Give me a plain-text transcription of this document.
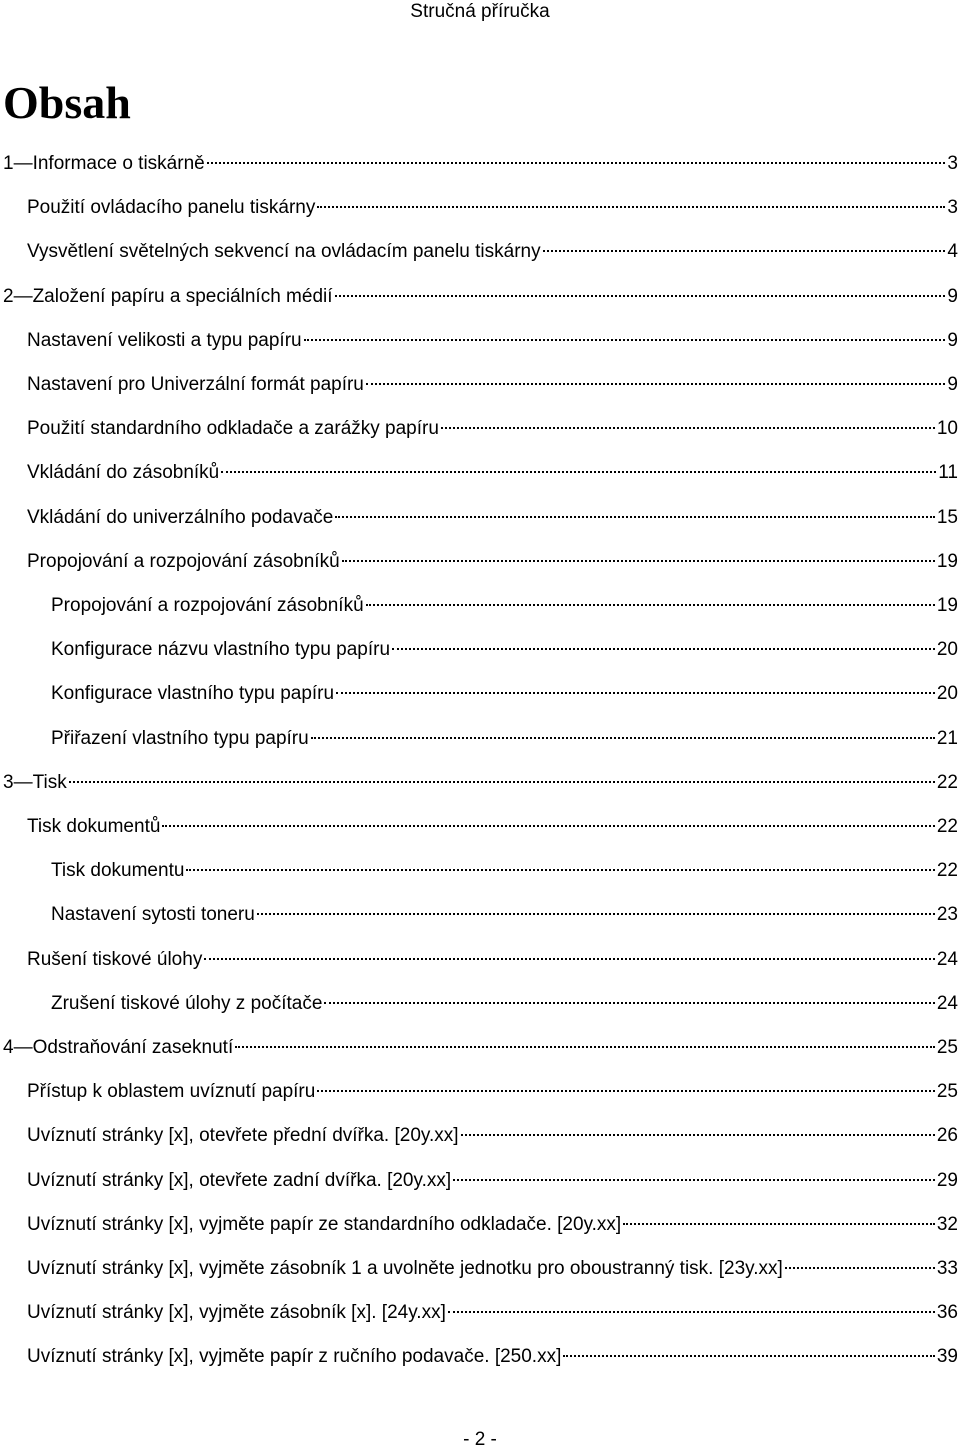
Stručná příručka
Obsah
1—Informace o tiskárně	3
Použití ovládacího panelu tiskárny	3
Vysvětlení světelných sekvencí na ovládacím panelu tiskárny	4
2—Založení papíru a speciálních médií	9
Nastavení velikosti a typu papíru	9
Nastavení pro Univerzální formát papíru	9
Použití standardního odkladače a zarážky papíru	10
Vkládání do zásobníků	11
Vkládání do univerzálního podavače	15
Propojování a rozpojování zásobníků	19
Propojování a rozpojování zásobníků	19
Konfigurace názvu vlastního typu papíru	20
Konfigurace vlastního typu papíru	20
Přiřazení vlastního typu papíru	21
3—Tisk	22
Tisk dokumentů	22
Tisk dokumentu	22
Nastavení sytosti toneru	23
Rušení tiskové úlohy	24
Zrušení tiskové úlohy z počítače	24
4—Odstraňování zaseknutí	25
Přístup k oblastem uvíznutí papíru	25
Uvíznutí stránky [x], otevřete přední dvířka. [20y.xx]	26
Uvíznutí stránky [x], otevřete zadní dvířka. [20y.xx]	29
Uvíznutí stránky [x], vyjměte papír ze standardního odkladače. [20y.xx]	32
Uvíznutí stránky [x], vyjměte zásobník 1 a uvolněte jednotku pro oboustranný tisk. [23y.xx]	33
Uvíznutí stránky [x], vyjměte zásobník [x]. [24y.xx]	36
Uvíznutí stránky [x], vyjměte papír z ručního podavače. [250.xx]	39
- 2 -
